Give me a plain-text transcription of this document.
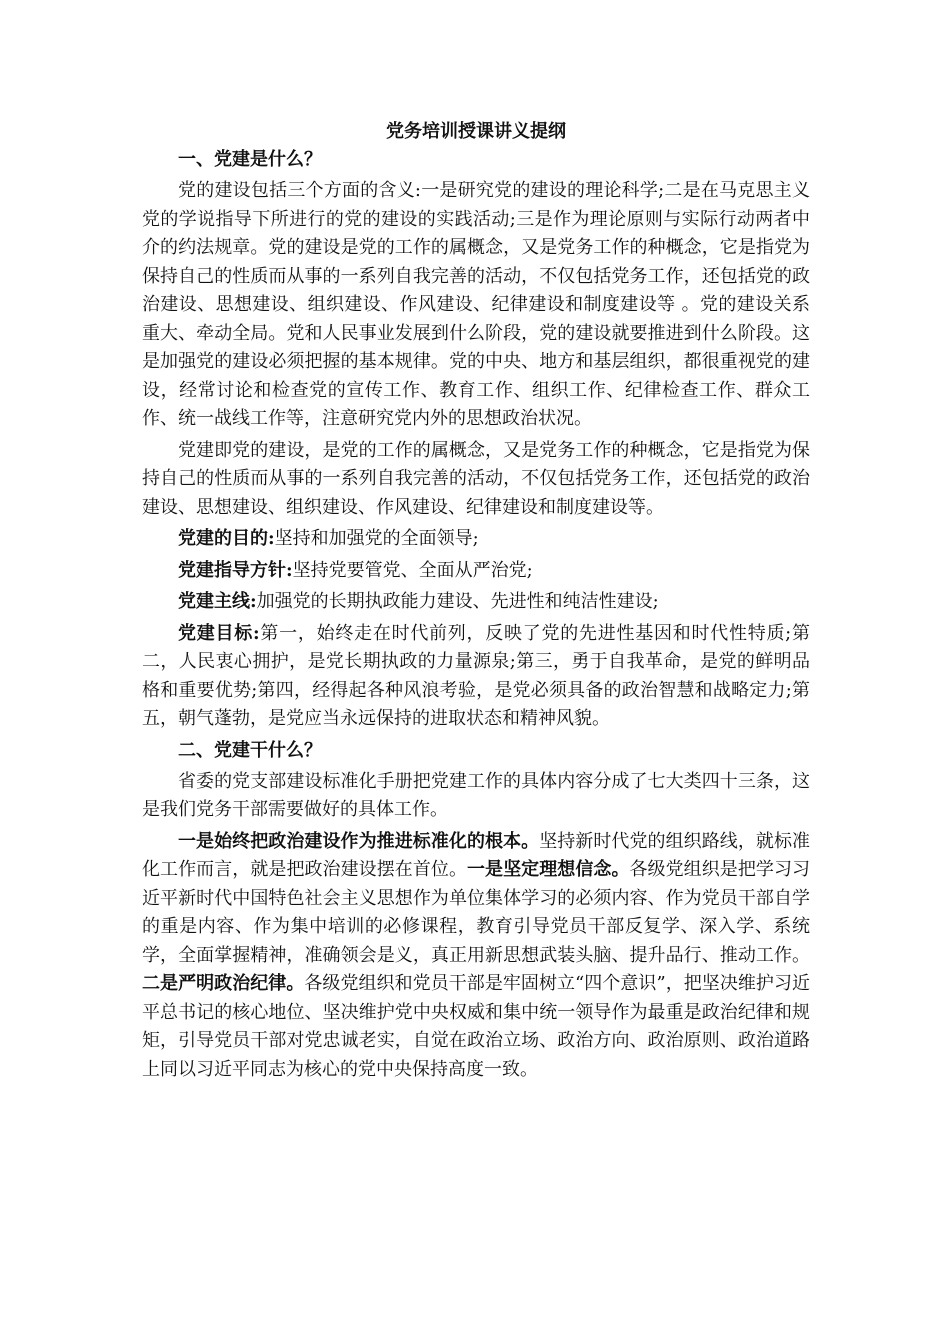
党务培训授课讲义提纲

一、党建是什么？

党的建设包括三个方面的含义:一是研究党的建设的理论科学;二是在马克思主义党的学说指导下所进行的党的建设的实践活动;三是作为理论原则与实际行动两者中介的约法规章。党的建设是党的工作的属概念，又是党务工作的种概念，它是指党为保持自己的性质而从事的一系列自我完善的活动，不仅包括党务工作，还包括党的政治建设、思想建设、组织建设、作风建设、纪律建设和制度建设等 。党的建设关系重大、牵动全局。党和人民事业发展到什么阶段，党的建设就要推进到什么阶段。这是加强党的建设必须把握的基本规律。党的中央、地方和基层组织，都很重视党的建设，经常讨论和检查党的宣传工作、教育工作、组织工作、纪律检查工作、群众工作、统一战线工作等，注意研究党内外的思想政治状况。

党建即党的建设，是党的工作的属概念，又是党务工作的种概念，它是指党为保持自己的性质而从事的一系列自我完善的活动，不仅包括党务工作，还包括党的政治建设、思想建设、组织建设、作风建设、纪律建设和制度建设等。

党建的目的:坚持和加强党的全面领导;

党建指导方针:坚持党要管党、全面从严治党;

党建主线:加强党的长期执政能力建设、先进性和纯洁性建设;

党建目标:第一，始终走在时代前列，反映了党的先进性基因和时代性特质;第二，人民衷心拥护，是党长期执政的力量源泉;第三，勇于自我革命，是党的鲜明品格和重要优势;第四，经得起各种风浪考验，是党必须具备的政治智慧和战略定力;第五，朝气蓬勃，是党应当永远保持的进取状态和精神风貌。

二、党建干什么？

省委的党支部建设标准化手册把党建工作的具体内容分成了七大类四十三条，这是我们党务干部需要做好的具体工作。

一是始终把政治建设作为推进标准化的根本。坚持新时代党的组织路线，就标准化工作而言，就是把政治建设摆在首位。一是坚定理想信念。各级党组织是把学习习近平新时代中国特色社会主义思想作为单位集体学习的必须内容、作为党员干部自学的重是内容、作为集中培训的必修课程，教育引导党员干部反复学、深入学、系统学，全面掌握精神，准确领会是义，真正用新思想武装头脑、提升品行、推动工作。二是严明政治纪律。各级党组织和党员干部是牢固树立“四个意识”，把坚决维护习近平总书记的核心地位、坚决维护党中央权威和集中统一领导作为最重是政治纪律和规矩，引导党员干部对党忠诚老实，自觉在政治立场、政治方向、政治原则、政治道路上同以习近平同志为核心的党中央保持高度一致。
